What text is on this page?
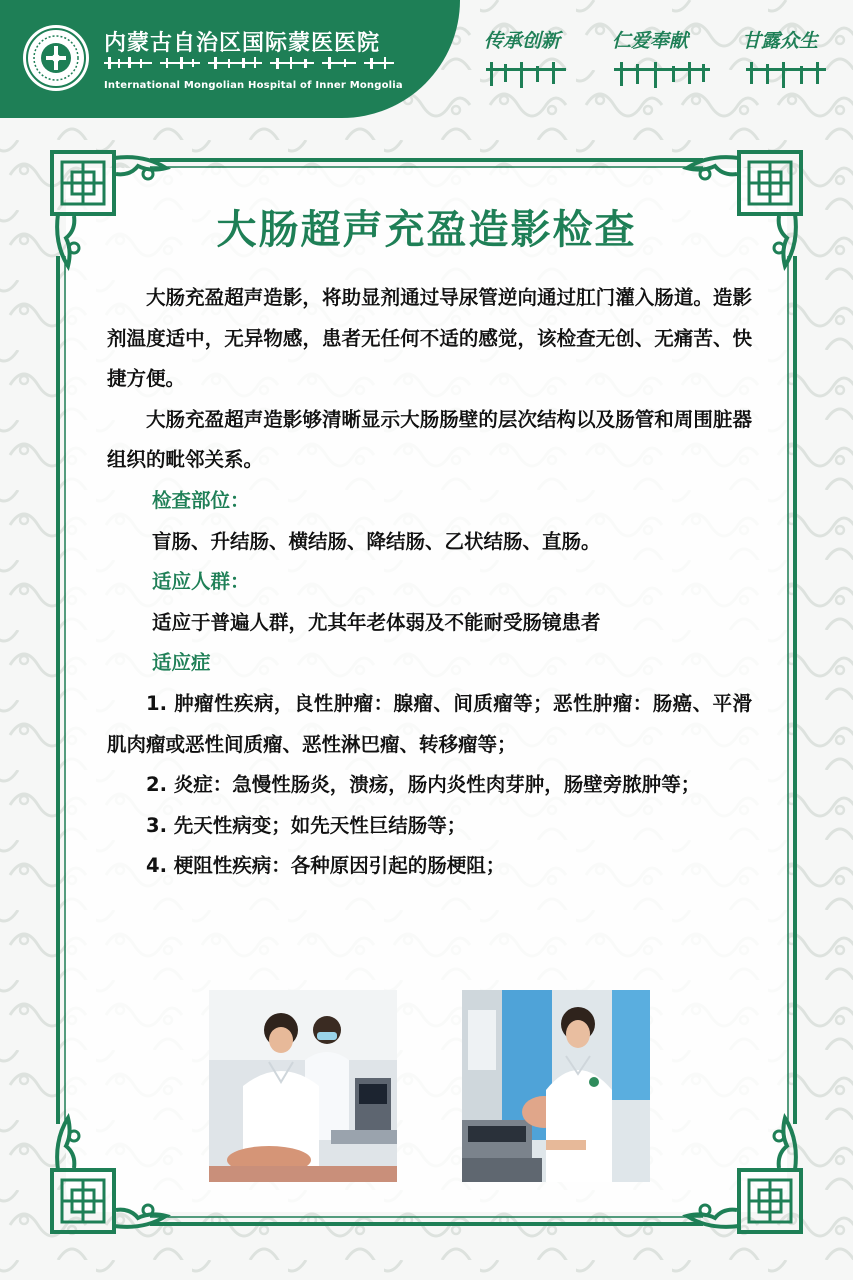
内蒙古自治区国际蒙医医院
International Mongolian Hospital of Inner Mongolia
传承创新	仁爱奉献	甘露众生
大肠超声充盈造影检查

大肠充盈超声造影，将助显剂通过导尿管逆向通过肛门灌入肠道。造影剂温度适中，无异物感，患者无任何不适的感觉，该检查无创、无痛苦、快捷方便。

大肠充盈超声造影够清晰显示大肠肠壁的层次结构以及肠管和周围脏器组织的毗邻关系。

检查部位：

盲肠、升结肠、横结肠、降结肠、乙状结肠、直肠。

适应人群：

适应于普遍人群，尤其年老体弱及不能耐受肠镜患者

适应症

1. 肿瘤性疾病，良性肿瘤：腺瘤、间质瘤等；恶性肿瘤：肠癌、平滑肌肉瘤或恶性间质瘤、恶性淋巴瘤、转移瘤等；

2. 炎症：急慢性肠炎，溃疡，肠内炎性肉芽肿，肠壁旁脓肿等；

3. 先天性病变；如先天性巨结肠等；

4. 梗阻性疾病：各种原因引起的肠梗阻；
